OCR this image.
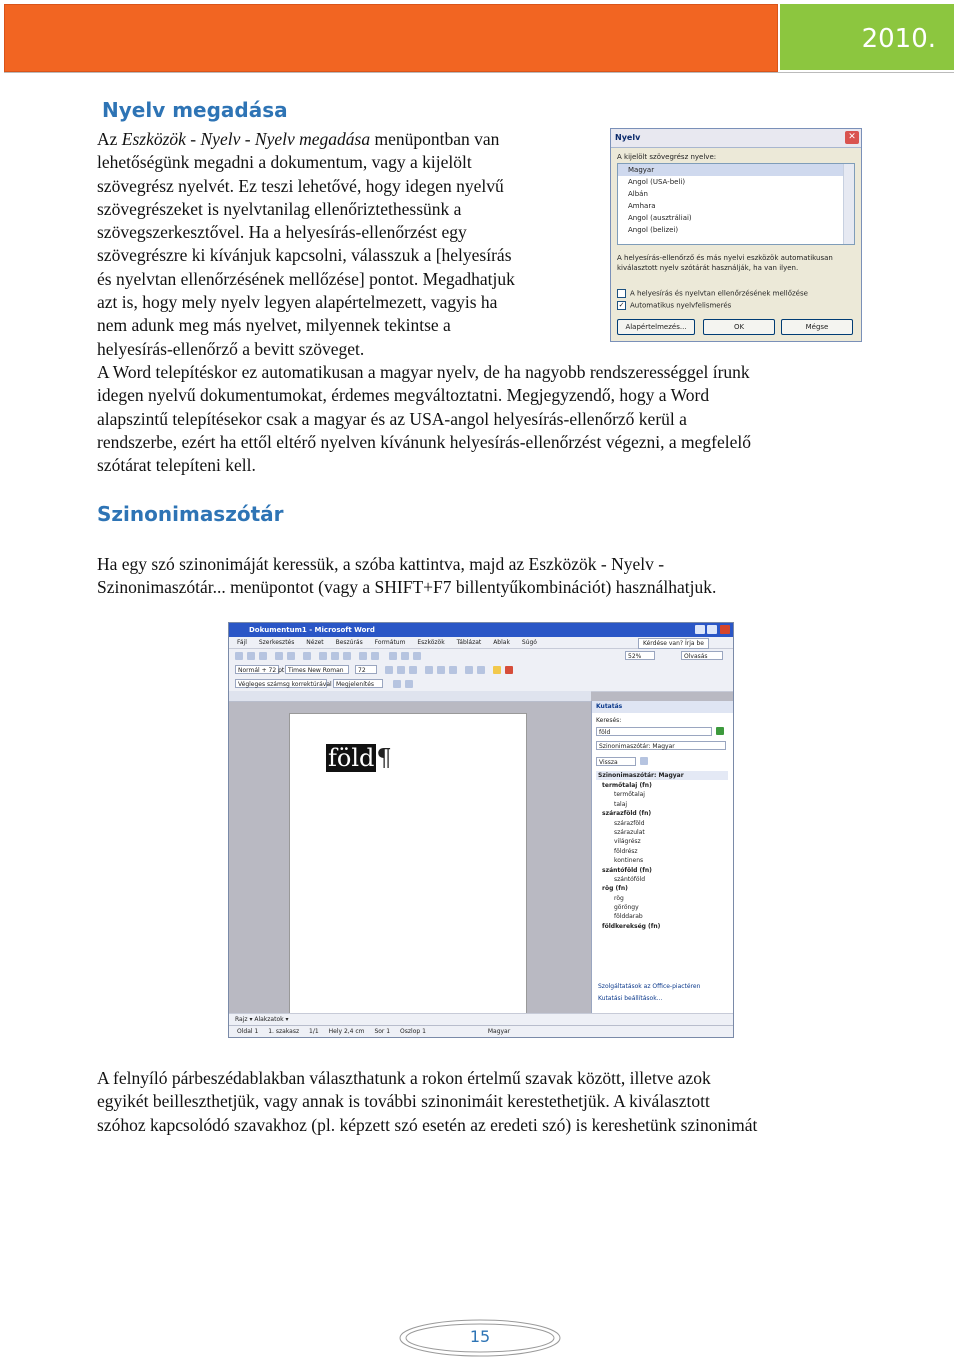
2010.
Nyelv megadása

Az Eszközök - Nyelv - Nyelv megadása menüpontban van
lehetőségünk megadni a dokumentum, vagy a kijelölt
szövegrész nyelvét. Ez teszi lehetővé, hogy idegen nyelvű
szövegrészeket is nyelvtanilag ellenőriztethessünk a
szövegszerkesztővel. Ha a helyesírás-ellenőrzést egy
szövegrészre ki kívánjuk kapcsolni, válasszuk a [helyesírás
és nyelvtan ellenőrzésének mellőzése] pontot. Megadhatjuk
azt is, hogy mely nyelv legyen alapértelmezett, vagyis ha
nem adunk meg más nyelvet, milyennek tekintse a
helyesírás-ellenőrző a bevitt szöveget.

A Word telepítéskor ez automatikusan a magyar nyelv, de ha nagyobb rendszerességgel írunk
idegen nyelvű dokumentumokat, érdemes megváltoztatni. Megjegyzendő, hogy a Word
alapszintű telepítésekor csak a magyar és az USA-angol helyesírás-ellenőrző kerül a
rendszerbe, ezért ha ettől eltérő nyelven kívánunk helyesírás-ellenőrzést végezni, a megfelelő
szótárat telepíteni kell.

Nyelv	✕
A kijelölt szövegrész nyelve:
Magyar
Angol (USA-beli)
Albán
Amhara
Angol (ausztráliai)
Angol (belizei)
A helyesírás-ellenőrző és más nyelvi eszközök automatikusan kiválasztott nyelv szótárát használják, ha van ilyen.
A helyesírás és nyelvtan ellenőrzésének mellőzése
✓ Automatikus nyelvfelismerés
Alapértelmezés...	OK	Mégse
Szinonimaszótár

Ha egy szó szinonimáját keressük, a szóba kattintva, majd az Eszközök - Nyelv -
Szinonimaszótár... menüpontot (vagy a SHIFT+F7 billentyűkombinációt) használhatjuk.

Dokumentum1 - Microsoft Word
Fájl Szerkesztés Nézet Beszúrás Formátum Eszközök Táblázat Ablak Súgó	Kérdése van? Írja be
52%	Olvasás
Normál + 72 pt Times New Roman	72
Végleges számsg korrektúrával Megjelenítés
föld¶
Kutatás
Keresés:
föld
Szinonimaszótár: Magyar
Vissza
Szinonimaszótár: Magyar
termőtalaj (fn)
termőtalaj
talaj
szárazföld (fn)
szárazföld
szárazulat
világrész
földrész
kontinens
szántóföld (fn)
szántóföld
rög (fn)
rög
göröngy
földdarab
földkerekség (fn)
Szolgáltatások az Office-piactéren
Kutatási beállítások...
Rajz ▾ Alakzatok ▾
Oldal 1 1. szakasz 1/1 Hely 2,4 cm Sor 1 Oszlop 1	Magyar

A felnyíló párbeszédablakban választhatunk a rokon értelmű szavak között, illetve azok
egyikét beilleszthetjük, vagy annak is további szinonimáit kerestethetjük. A kiválasztott
szóhoz kapcsolódó szavakhoz (pl. képzett szó esetén az eredeti szó) is kereshetünk szinonimát

15
